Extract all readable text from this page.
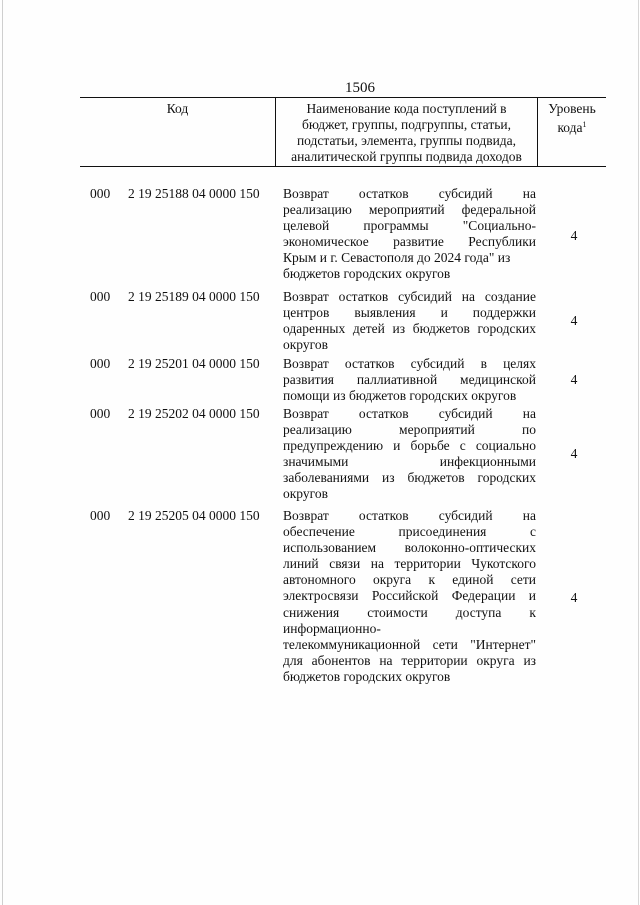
1506
Код	Наименование кода поступлений в
бюджет, группы, подгруппы, статьи,
подстатьи, элемента, группы подвида,
аналитической группы подвида доходов
Уровень
кода$^1$
000 2 19 25188 04 0000 150 Возврат остатков субсидий на
реализацию мероприятий федеральной
целевой программы "Социально-
экономическое развитие Республики
Крым и г. Севастополя до 2024 года" из
бюджетов городских округов
4
000 2 19 25189 04 0000 150 Возврат остатков субсидий на создание
центров выявления и поддержки
одаренных детей из бюджетов городских
округов
4
000 2 19 25201 04 0000 150 Возврат остатков субсидий в целях
развития паллиативной медицинской
помощи из бюджетов городских округов
4
000 2 19 25202 04 0000 150 Возврат остатков субсидий на
реализацию мероприятий по
предупреждению и борьбе с социально
значимыми инфекционными
заболеваниями из бюджетов городских
округов
4
000 2 19 25205 04 0000 150 Возврат остатков субсидий на
обеспечение присоединения с
использованием волоконно-оптических
линий связи на территории Чукотского
автономного округа к единой сети
электросвязи Российской Федерации и
снижения стоимости доступа к
информационно-
телекоммуникационной сети "Интернет"
для абонентов на территории округа из
бюджетов городских округов
4
